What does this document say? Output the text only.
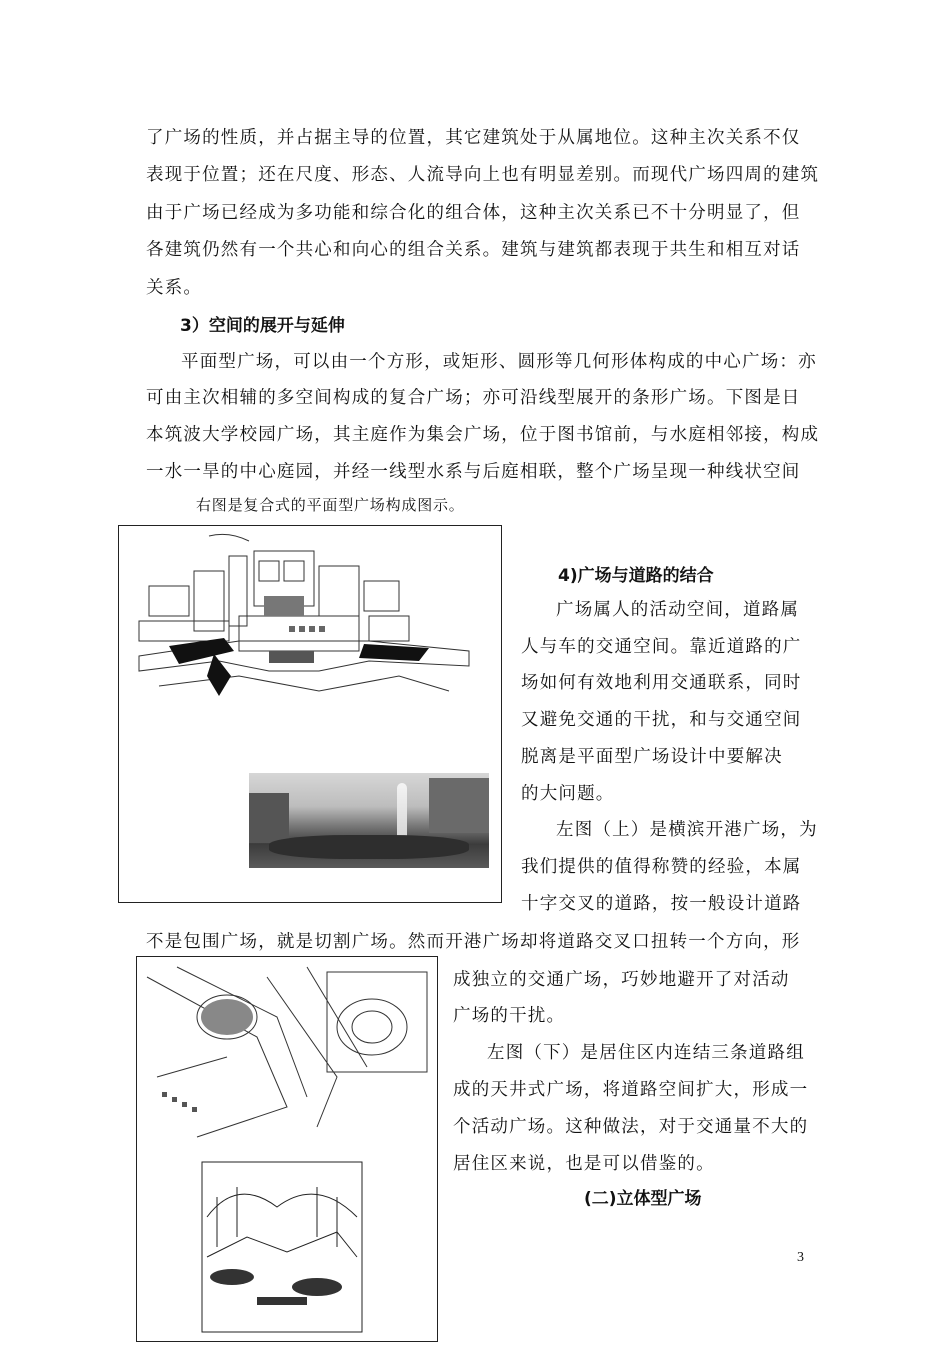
了广场的性质，并占据主导的位置，其它建筑处于从属地位。这种主次关系不仅
表现于位置；还在尺度、形态、人流导向上也有明显差别。而现代广场四周的建筑
由于广场已经成为多功能和综合化的组合体，这种主次关系已不十分明显了，但
各建筑仍然有一个共心和向心的组合关系。建筑与建筑都表现于共生和相互对话
关系。
3）空间的展开与延伸
平面型广场，可以由一个方形，或矩形、圆形等几何形体构成的中心广场：亦
可由主次相辅的多空间构成的复合广场；亦可沿线型展开的条形广场。下图是日
本筑波大学校园广场，其主庭作为集会广场，位于图书馆前，与水庭相邻接，构成
一水一旱的中心庭园，并经一线型水系与后庭相联，整个广场呈现一种线状空间
右图是复合式的平面型广场构成图示。
4)广场与道路的结合
广场属人的活动空间，道路属
人与车的交通空间。靠近道路的广
场如何有效地利用交通联系，同时
又避免交通的干扰，和与交通空间
脱离是平面型广场设计中要解决
的大问题。
左图（上）是横滨开港广场，为
我们提供的值得称赞的经验，本属
十字交叉的道路，按一般设计道路
不是包围广场，就是切割广场。然而开港广场却将道路交叉口扭转一个方向，形
成独立的交通广场，巧妙地避开了对活动
广场的干扰。
左图（下）是居住区内连结三条道路组
成的天井式广场，将道路空间扩大，形成一
个活动广场。这种做法，对于交通量不大的
居住区来说，也是可以借鉴的。
(二)立体型广场
3
